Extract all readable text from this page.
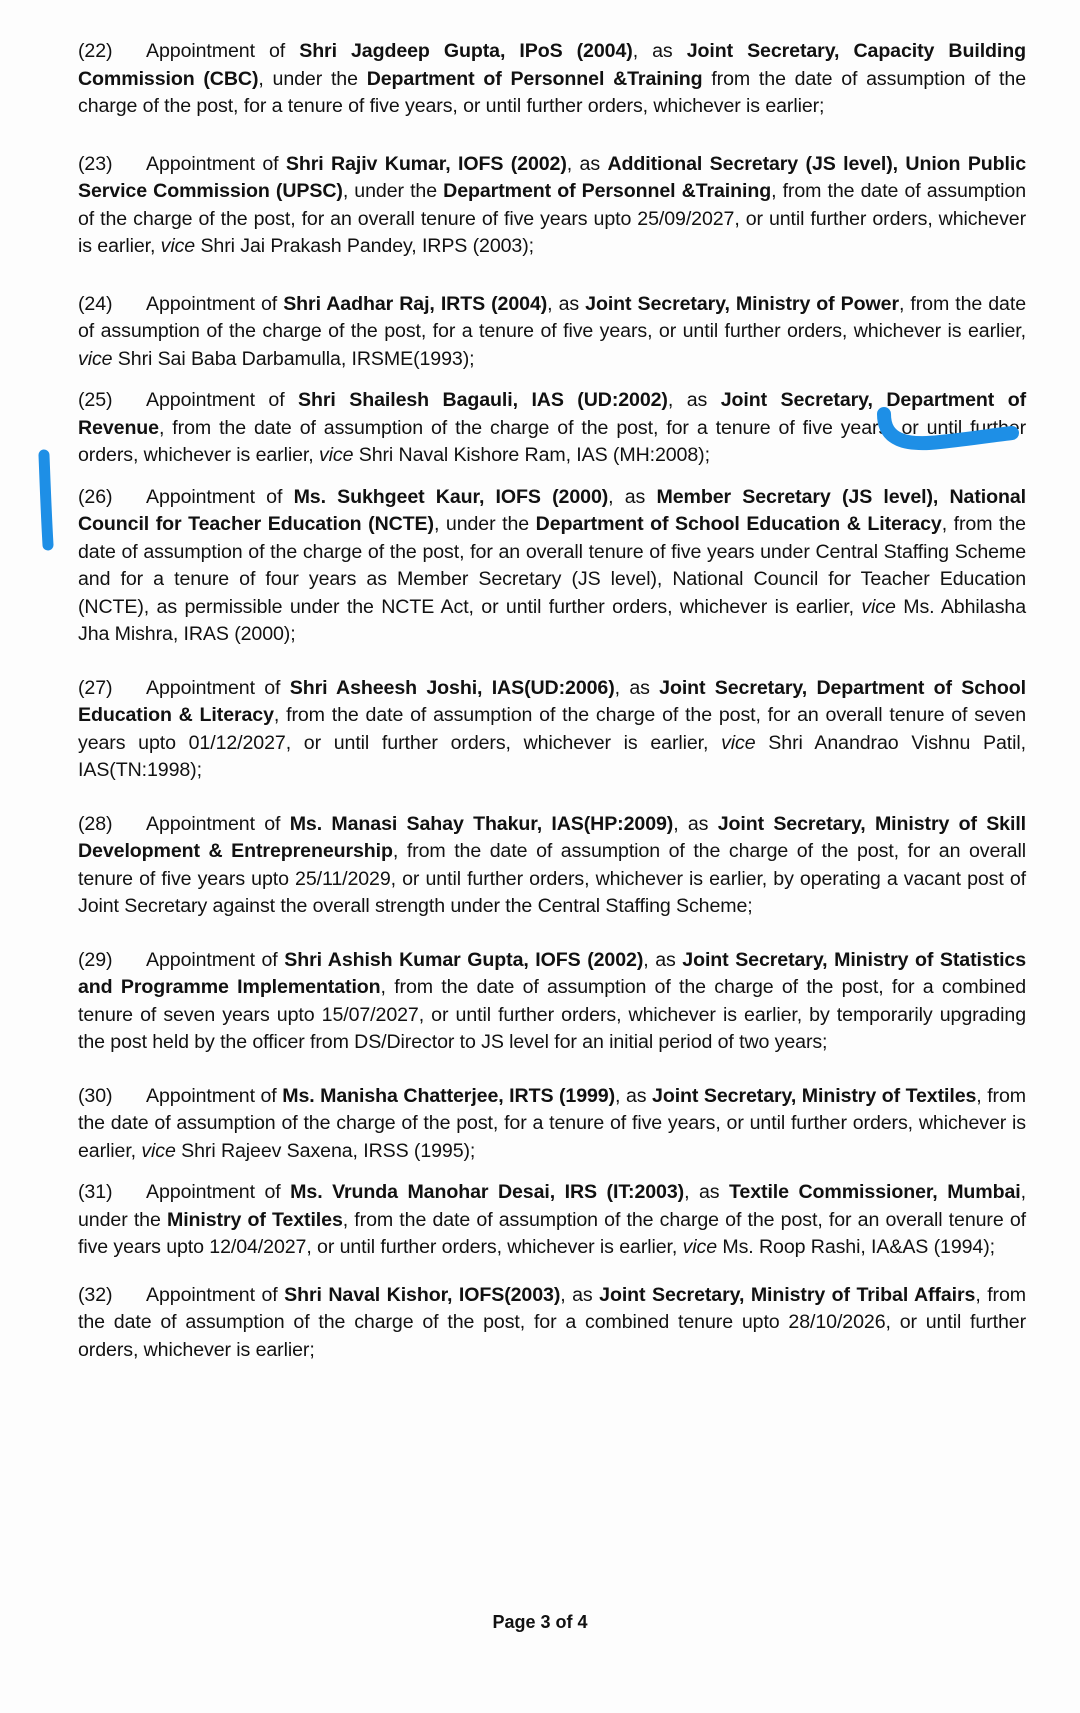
(22) Appointment of Shri Jagdeep Gupta, IPoS (2004), as Joint Secretary, Capacity Building Commission (CBC), under the Department of Personnel &Training from the date of assumption of the charge of the post, for a tenure of five years, or until further orders, whichever is earlier;

(23) Appointment of Shri Rajiv Kumar, IOFS (2002), as Additional Secretary (JS level), Union Public Service Commission (UPSC), under the Department of Personnel &Training, from the date of assumption of the charge of the post, for an overall tenure of five years upto 25/09/2027, or until further orders, whichever is earlier, vice Shri Jai Prakash Pandey, IRPS (2003);

(24) Appointment of Shri Aadhar Raj, IRTS (2004), as Joint Secretary, Ministry of Power, from the date of assumption of the charge of the post, for a tenure of five years, or until further orders, whichever is earlier, vice Shri Sai Baba Darbamulla, IRSME(1993);

(25) Appointment of Shri Shailesh Bagauli, IAS (UD:2002), as Joint Secretary, Department of Revenue, from the date of assumption of the charge of the post, for a tenure of five years, or until further orders, whichever is earlier, vice Shri Naval Kishore Ram, IAS (MH:2008);

(26) Appointment of Ms. Sukhgeet Kaur, IOFS (2000), as Member Secretary (JS level), National Council for Teacher Education (NCTE), under the Department of School Education & Literacy, from the date of assumption of the charge of the post, for an overall tenure of five years under Central Staffing Scheme and for a tenure of four years as Member Secretary (JS level), National Council for Teacher Education (NCTE), as permissible under the NCTE Act, or until further orders, whichever is earlier, vice Ms. Abhilasha Jha Mishra, IRAS (2000);

(27) Appointment of Shri Asheesh Joshi, IAS(UD:2006), as Joint Secretary, Department of School Education & Literacy, from the date of assumption of the charge of the post, for an overall tenure of seven years upto 01/12/2027, or until further orders, whichever is earlier, vice Shri Anandrao Vishnu Patil, IAS(TN:1998);

(28) Appointment of Ms. Manasi Sahay Thakur, IAS(HP:2009), as Joint Secretary, Ministry of Skill Development & Entrepreneurship, from the date of assumption of the charge of the post, for an overall tenure of five years upto 25/11/2029, or until further orders, whichever is earlier, by operating a vacant post of Joint Secretary against the overall strength under the Central Staffing Scheme;

(29) Appointment of Shri Ashish Kumar Gupta, IOFS (2002), as Joint Secretary, Ministry of Statistics and Programme Implementation, from the date of assumption of the charge of the post, for a combined tenure of seven years upto 15/07/2027, or until further orders, whichever is earlier, by temporarily upgrading the post held by the officer from DS/Director to JS level for an initial period of two years;

(30) Appointment of Ms. Manisha Chatterjee, IRTS (1999), as Joint Secretary, Ministry of Textiles, from the date of assumption of the charge of the post, for a tenure of five years, or until further orders, whichever is earlier, vice Shri Rajeev Saxena, IRSS (1995);

(31) Appointment of Ms. Vrunda Manohar Desai, IRS (IT:2003), as Textile Commissioner, Mumbai, under the Ministry of Textiles, from the date of assumption of the charge of the post, for an overall tenure of five years upto 12/04/2027, or until further orders, whichever is earlier, vice Ms. Roop Rashi, IA&AS (1994);

(32) Appointment of Shri Naval Kishor, IOFS(2003), as Joint Secretary, Ministry of Tribal Affairs, from the date of assumption of the charge of the post, for a combined tenure upto 28/10/2026, or until further orders, whichever is earlier;

Page 3 of 4
